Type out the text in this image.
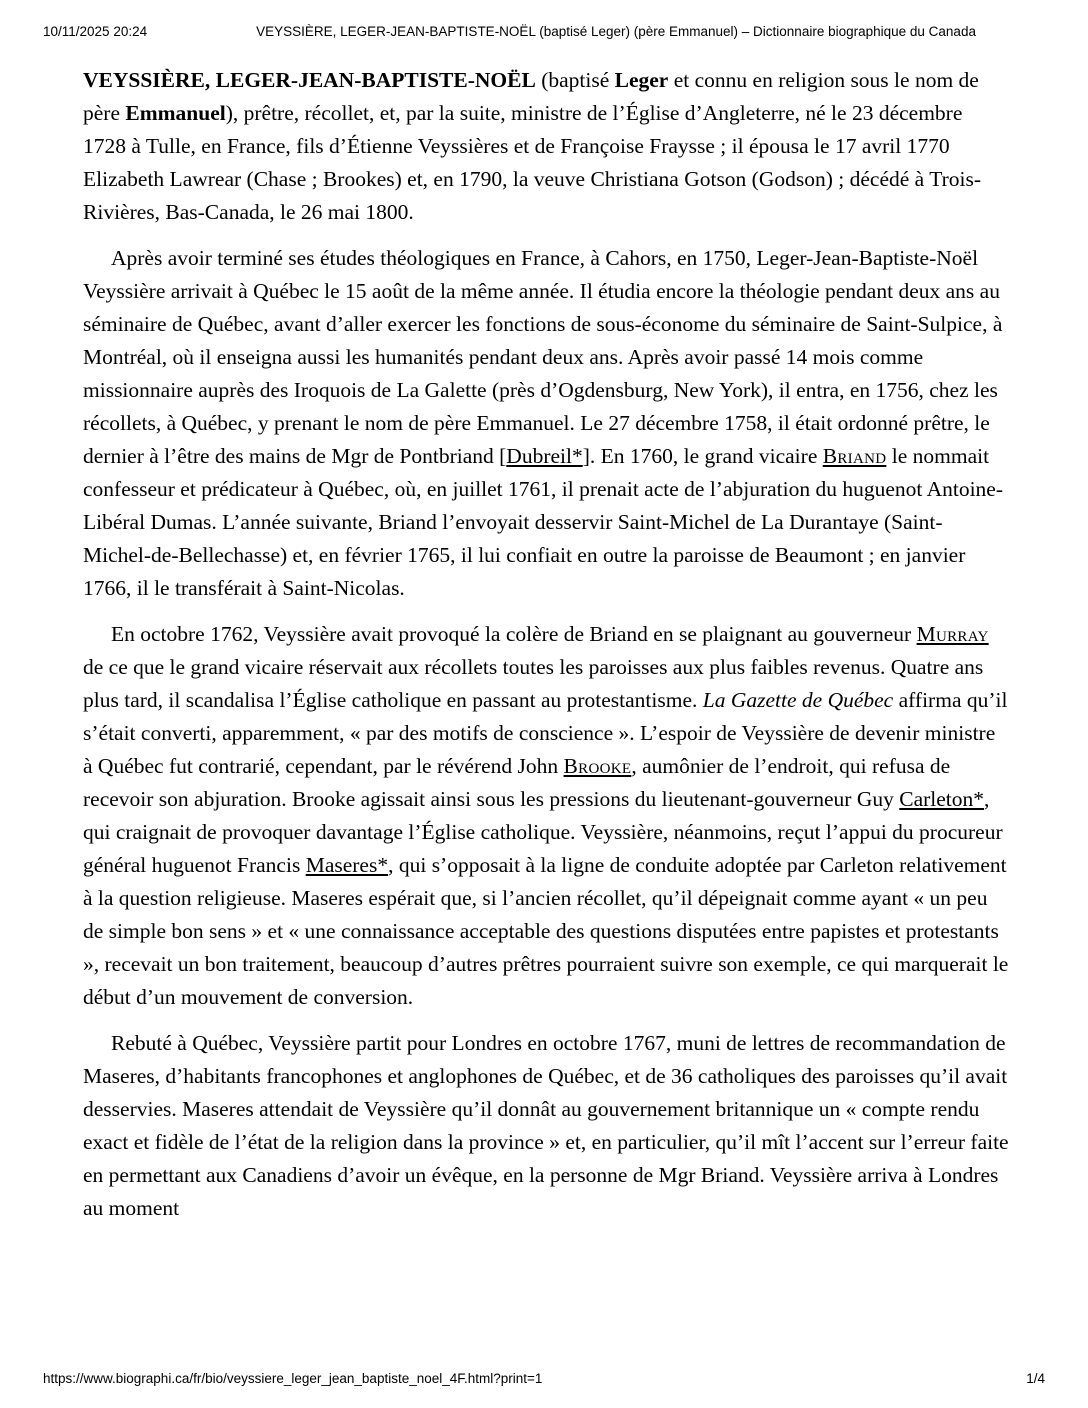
10/11/2025 20:24	VEYSSIÈRE, LEGER-JEAN-BAPTISTE-NOËL (baptisé Leger) (père Emmanuel) – Dictionnaire biographique du Canada

VEYSSIÈRE, LEGER-JEAN-BAPTISTE-NOËL (baptisé Leger et connu en religion sous le nom de père Emmanuel), prêtre, récollet, et, par la suite, ministre de l’Église d’Angleterre, né le 23 décembre 1728 à Tulle, en France, fils d’Étienne Veyssières et de Françoise Fraysse ; il épousa le 17 avril 1770 Elizabeth Lawrear (Chase ; Brookes) et, en 1790, la veuve Christiana Gotson (Godson) ; décédé à Trois-Rivières, Bas-Canada, le 26 mai 1800.

Après avoir terminé ses études théologiques en France, à Cahors, en 1750, Leger-Jean-Baptiste-Noël Veyssière arrivait à Québec le 15 août de la même année. Il étudia encore la théologie pendant deux ans au séminaire de Québec, avant d’aller exercer les fonctions de sous-économe du séminaire de Saint-Sulpice, à Montréal, où il enseigna aussi les humanités pendant deux ans. Après avoir passé 14 mois comme missionnaire auprès des Iroquois de La Galette (près d’Ogdensburg, New York), il entra, en 1756, chez les récollets, à Québec, y prenant le nom de père Emmanuel. Le 27 décembre 1758, il était ordonné prêtre, le dernier à l’être des mains de Mgr de Pontbriand [Dubreil*]. En 1760, le grand vicaire Briand le nommait confesseur et prédicateur à Québec, où, en juillet 1761, il prenait acte de l’abjuration du huguenot Antoine-Libéral Dumas. L’année suivante, Briand l’envoyait desservir Saint-Michel de La Durantaye (Saint-Michel-de-Bellechasse) et, en février 1765, il lui confiait en outre la paroisse de Beaumont ; en janvier 1766, il le transférait à Saint-Nicolas.

En octobre 1762, Veyssière avait provoqué la colère de Briand en se plaignant au gouverneur Murray de ce que le grand vicaire réservait aux récollets toutes les paroisses aux plus faibles revenus. Quatre ans plus tard, il scandalisa l’Église catholique en passant au protestantisme. La Gazette de Québec affirma qu’il s’était converti, apparemment, « par des motifs de conscience ». L’espoir de Veyssière de devenir ministre à Québec fut contrarié, cependant, par le révérend John Brooke, aumônier de l’endroit, qui refusa de recevoir son abjuration. Brooke agissait ainsi sous les pressions du lieutenant-gouverneur Guy Carleton*, qui craignait de provoquer davantage l’Église catholique. Veyssière, néanmoins, reçut l’appui du procureur général huguenot Francis Maseres*, qui s’opposait à la ligne de conduite adoptée par Carleton relativement à la question religieuse. Maseres espérait que, si l’ancien récollet, qu’il dépeignait comme ayant « un peu de simple bon sens » et « une connaissance acceptable des questions disputées entre papistes et protestants », recevait un bon traitement, beaucoup d’autres prêtres pourraient suivre son exemple, ce qui marquerait le début d’un mouvement de conversion.

Rebuté à Québec, Veyssière partit pour Londres en octobre 1767, muni de lettres de recommandation de Maseres, d’habitants francophones et anglophones de Québec, et de 36 catholiques des paroisses qu’il avait desservies. Maseres attendait de Veyssière qu’il donnât au gouvernement britannique un « compte rendu exact et fidèle de l’état de la religion dans la province » et, en particulier, qu’il mît l’accent sur l’erreur faite en permettant aux Canadiens d’avoir un évêque, en la personne de Mgr Briand. Veyssière arriva à Londres au moment

https://www.biographi.ca/fr/bio/veyssiere_leger_jean_baptiste_noel_4F.html?print=1	1/4
